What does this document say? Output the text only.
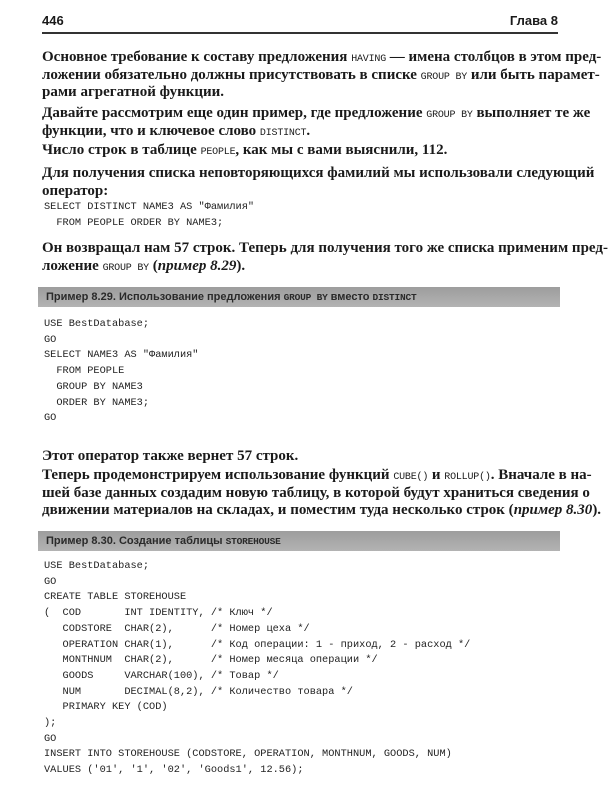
446	Глава 8
Основное требование к составу предложения HAVING — имена столбцов в этом пред-
ложении обязательно должны присутствовать в списке GROUP BY или быть парамет-
рами агрегатной функции.
Давайте рассмотрим еще один пример, где предложение GROUP BY выполняет те же
функции, что и ключевое слово DISTINCT.
Число строк в таблице PEOPLE, как мы с вами выяснили, 112.
Для получения списка неповторяющихся фамилий мы использовали следующий
оператор:
SELECT DISTINCT NAME3 AS "Фамилия"
FROM PEOPLE ORDER BY NAME3;
Он возвращал нам 57 строк. Теперь для получения того же списка применим пред-
ложение GROUP BY (пример 8.29).
Пример 8.29. Использование предложения GROUP BY вместо DISTINCT
USE BestDatabase;
GO
SELECT NAME3 AS "Фамилия"
FROM PEOPLE
GROUP BY NAME3
ORDER BY NAME3;
GO
Этот оператор также вернет 57 строк.
Теперь продемонстрируем использование функций CUBE() и ROLLUP(). Вначале в на-
шей базе данных создадим новую таблицу, в которой будут храниться сведения о
движении материалов на складах, и поместим туда несколько строк (пример 8.30).
Пример 8.30. Создание таблицы STOREHOUSE
USE BestDatabase;
GO
CREATE TABLE STOREHOUSE
(  COD       INT IDENTITY, /* Ключ */
CODSTORE  CHAR(2),      /* Номер цеха */
OPERATION CHAR(1),      /* Код операции: 1 - приход, 2 - расход */
MONTHNUM  CHAR(2),      /* Номер месяца операции */
GOODS     VARCHAR(100), /* Товар */
NUM       DECIMAL(8,2), /* Количество товара */
PRIMARY KEY (COD)
);
GO
INSERT INTO STOREHOUSE (CODSTORE, OPERATION, MONTHNUM, GOODS, NUM)
VALUES ('01', '1', '02', 'Goods1', 12.56);
